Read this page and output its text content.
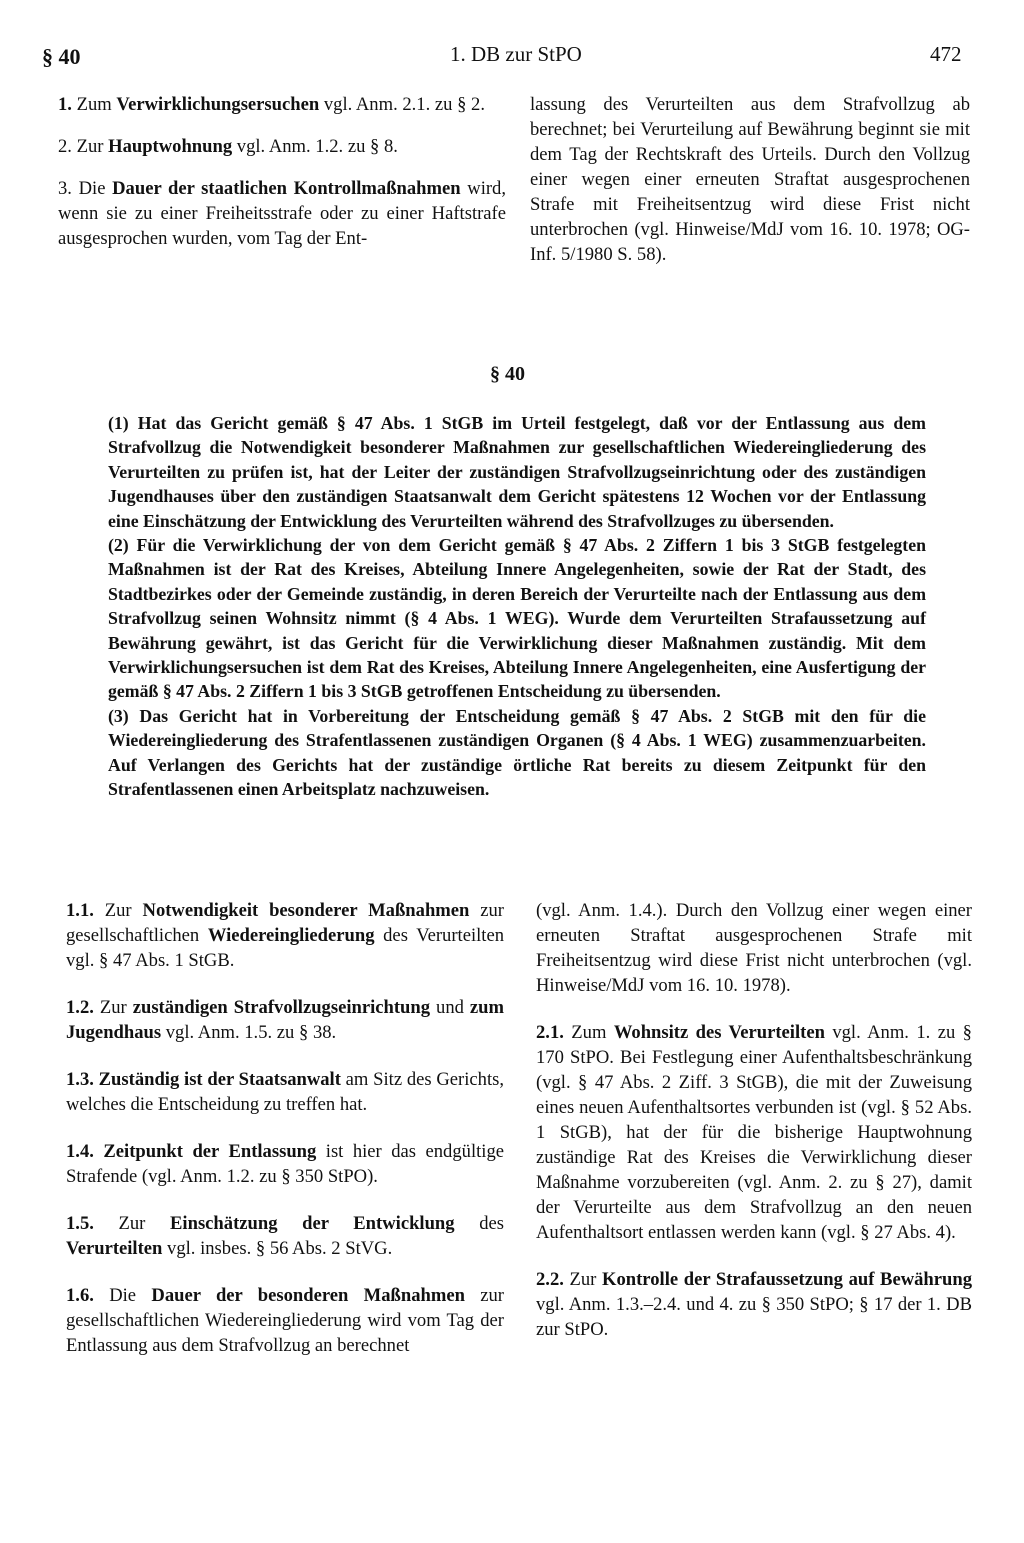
§ 40	1. DB zur StPO	472

1. Zum Verwirklichungsersuchen vgl. Anm. 2.1. zu § 2.

2. Zur Hauptwohnung vgl. Anm. 1.2. zu § 8.

3. Die Dauer der staatlichen Kontrollmaßnahmen wird, wenn sie zu einer Freiheitsstrafe oder zu einer Haftstrafe ausgesprochen wurden, vom Tag der Ent-

lassung des Verurteilten aus dem Strafvollzug ab berechnet; bei Verurteilung auf Bewährung beginnt sie mit dem Tag der Rechtskraft des Urteils. Durch den Vollzug einer wegen einer erneuten Straftat ausgesprochenen Strafe mit Freiheitsentzug wird diese Frist nicht unterbrochen (vgl. Hinweise/MdJ vom 16. 10. 1978; OG-Inf. 5/1980 S. 58).

§ 40

(1) Hat das Gericht gemäß § 47 Abs. 1 StGB im Urteil festgelegt, daß vor der Entlassung aus dem Strafvollzug die Notwendigkeit besonderer Maßnahmen zur gesellschaftlichen Wiedereingliederung des Verurteilten zu prüfen ist, hat der Leiter der zuständigen Strafvollzugseinrichtung oder des zuständigen Jugendhauses über den zuständigen Staatsanwalt dem Gericht spätestens 12 Wochen vor der Entlassung eine Einschätzung der Entwicklung des Verurteilten während des Strafvollzuges zu übersenden.

(2) Für die Verwirklichung der von dem Gericht gemäß § 47 Abs. 2 Ziffern 1 bis 3 StGB festgelegten Maßnahmen ist der Rat des Kreises, Abteilung Innere Angelegenheiten, sowie der Rat der Stadt, des Stadtbezirkes oder der Gemeinde zuständig, in deren Bereich der Verurteilte nach der Entlassung aus dem Strafvollzug seinen Wohnsitz nimmt (§ 4 Abs. 1 WEG). Wurde dem Verurteilten Strafaussetzung auf Bewährung gewährt, ist das Gericht für die Verwirklichung dieser Maßnahmen zuständig. Mit dem Verwirklichungsersuchen ist dem Rat des Kreises, Abteilung Innere Angelegenheiten, eine Ausfertigung der gemäß § 47 Abs. 2 Ziffern 1 bis 3 StGB getroffenen Entscheidung zu übersenden.

(3) Das Gericht hat in Vorbereitung der Entscheidung gemäß § 47 Abs. 2 StGB mit den für die Wiedereingliederung des Strafentlassenen zuständigen Organen (§ 4 Abs. 1 WEG) zusammenzuarbeiten. Auf Verlangen des Gerichts hat der zuständige örtliche Rat bereits zu diesem Zeitpunkt für den Strafentlassenen einen Arbeitsplatz nachzuweisen.

1.1. Zur Notwendigkeit besonderer Maßnahmen zur gesellschaftlichen Wiedereingliederung des Verurteilten vgl. § 47 Abs. 1 StGB.

1.2. Zur zuständigen Strafvollzugseinrichtung und zum Jugendhaus vgl. Anm. 1.5. zu § 38.

1.3. Zuständig ist der Staatsanwalt am Sitz des Gerichts, welches die Entscheidung zu treffen hat.

1.4. Zeitpunkt der Entlassung ist hier das endgültige Strafende (vgl. Anm. 1.2. zu § 350 StPO).

1.5. Zur Einschätzung der Entwicklung des Verurteilten vgl. insbes. § 56 Abs. 2 StVG.

1.6. Die Dauer der besonderen Maßnahmen zur gesellschaftlichen Wiedereingliederung wird vom Tag der Entlassung aus dem Strafvollzug an berechnet

(vgl. Anm. 1.4.). Durch den Vollzug einer wegen einer erneuten Straftat ausgesprochenen Strafe mit Freiheitsentzug wird diese Frist nicht unterbrochen (vgl. Hinweise/MdJ vom 16. 10. 1978).

2.1. Zum Wohnsitz des Verurteilten vgl. Anm. 1. zu § 170 StPO. Bei Festlegung einer Aufenthaltsbeschränkung (vgl. § 47 Abs. 2 Ziff. 3 StGB), die mit der Zuweisung eines neuen Aufenthaltsortes verbunden ist (vgl. § 52 Abs. 1 StGB), hat der für die bisherige Hauptwohnung zuständige Rat des Kreises die Verwirklichung dieser Maßnahme vorzubereiten (vgl. Anm. 2. zu § 27), damit der Verurteilte aus dem Strafvollzug an den neuen Aufenthaltsort entlassen werden kann (vgl. § 27 Abs. 4).

2.2. Zur Kontrolle der Strafaussetzung auf Bewährung vgl. Anm. 1.3.–2.4. und 4. zu § 350 StPO; § 17 der 1. DB zur StPO.
